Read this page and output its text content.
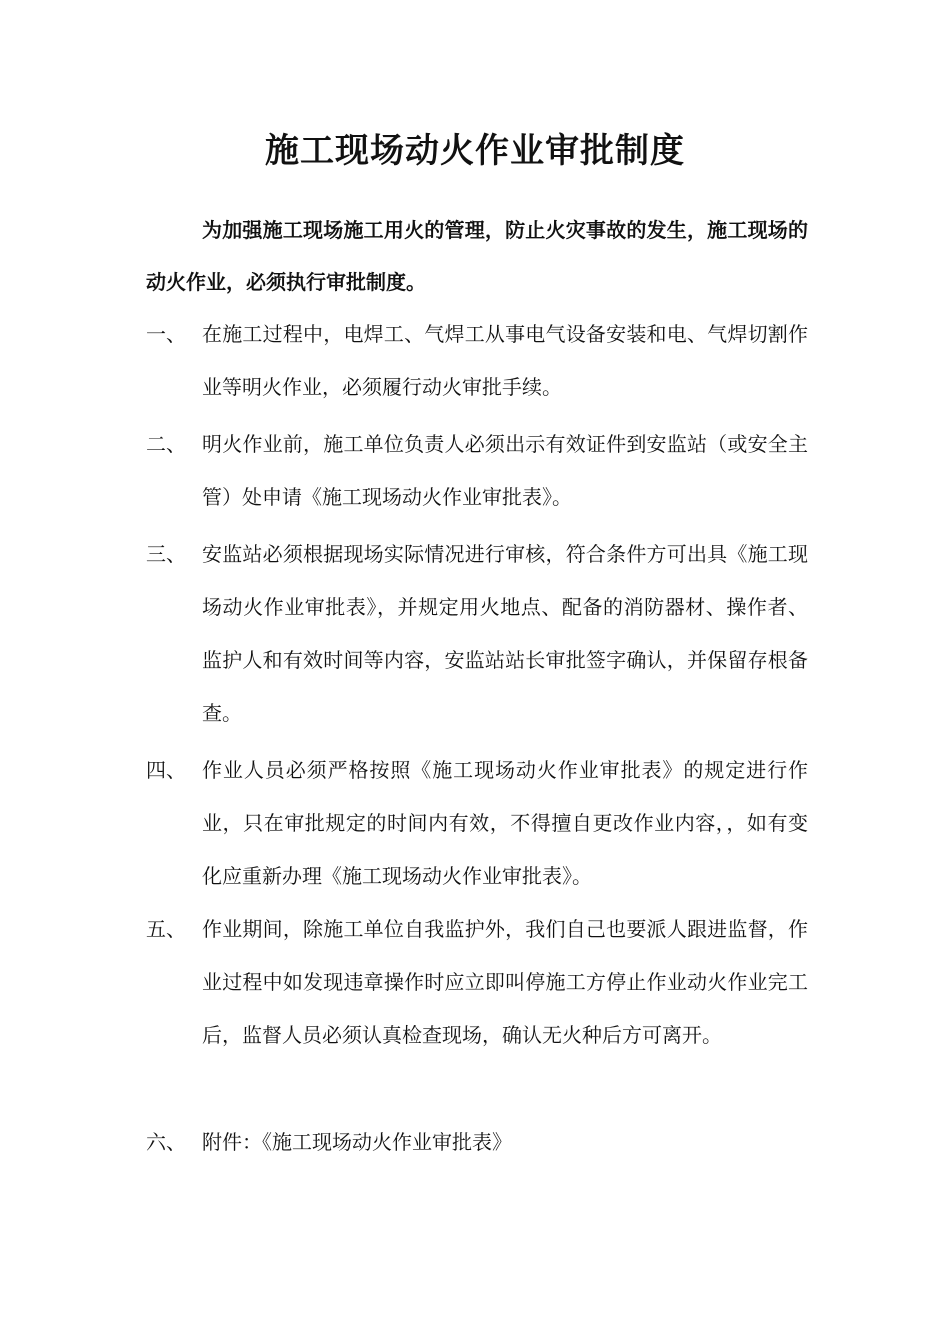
施工现场动火作业审批制度
为加强施工现场施工用火的管理，防止火灾事故的发生，施工现场的动火作业，必须执行审批制度。
一、 在施工过程中，电焊工、气焊工从事电气设备安装和电、气焊切割作业等明火作业，必须履行动火审批手续。
二、 明火作业前，施工单位负责人必须出示有效证件到安监站（或安全主管）处申请《施工现场动火作业审批表》。
三、 安监站必须根据现场实际情况进行审核，符合条件方可出具《施工现场动火作业审批表》，并规定用火地点、配备的消防器材、操作者、监护人和有效时间等内容，安监站站长审批签字确认，并保留存根备查。
四、 作业人员必须严格按照《施工现场动火作业审批表》的规定进行作业，只在审批规定的时间内有效，不得擅自更改作业内容，，如有变化应重新办理《施工现场动火作业审批表》。
五、 作业期间，除施工单位自我监护外，我们自己也要派人跟进监督，作业过程中如发现违章操作时应立即叫停施工方停止作业动火作业完工后，监督人员必须认真检查现场，确认无火种后方可离开。
六、 附件：《施工现场动火作业审批表》
